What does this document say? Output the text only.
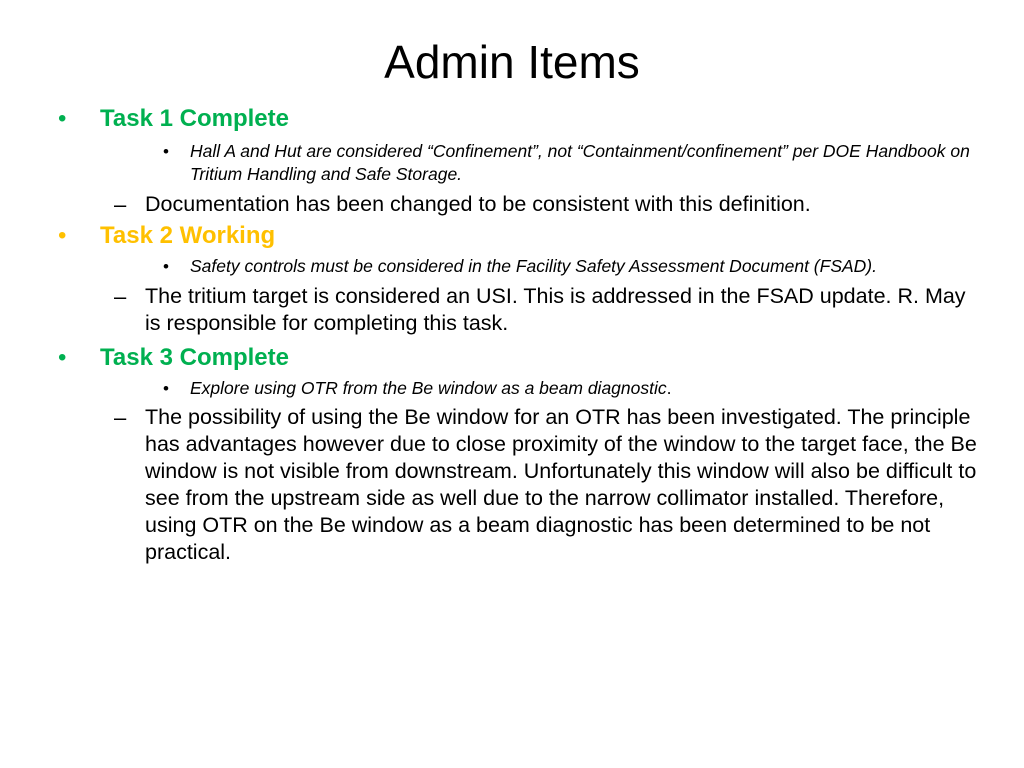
Admin Items
• Task 1 Complete
• Hall A and Hut are considered “Confinement”, not “Containment/confinement” per DOE Handbook on Tritium Handling and Safe Storage.
– Documentation has been changed to be consistent with this definition.
• Task 2 Working
• Safety controls must be considered in the Facility Safety Assessment Document (FSAD).
– The tritium target is considered an USI. This is addressed in the FSAD update. R. May is responsible for completing this task.
• Task 3 Complete
• Explore using OTR from the Be window as a beam diagnostic.
– The possibility of using the Be window for an OTR has been investigated. The principle has advantages however due to close proximity of the window to the target face, the Be window is not visible from downstream. Unfortunately this window will also be difficult to see from the upstream side as well due to the narrow collimator installed. Therefore, using OTR on the Be window as a beam diagnostic has been determined to be not practical.
